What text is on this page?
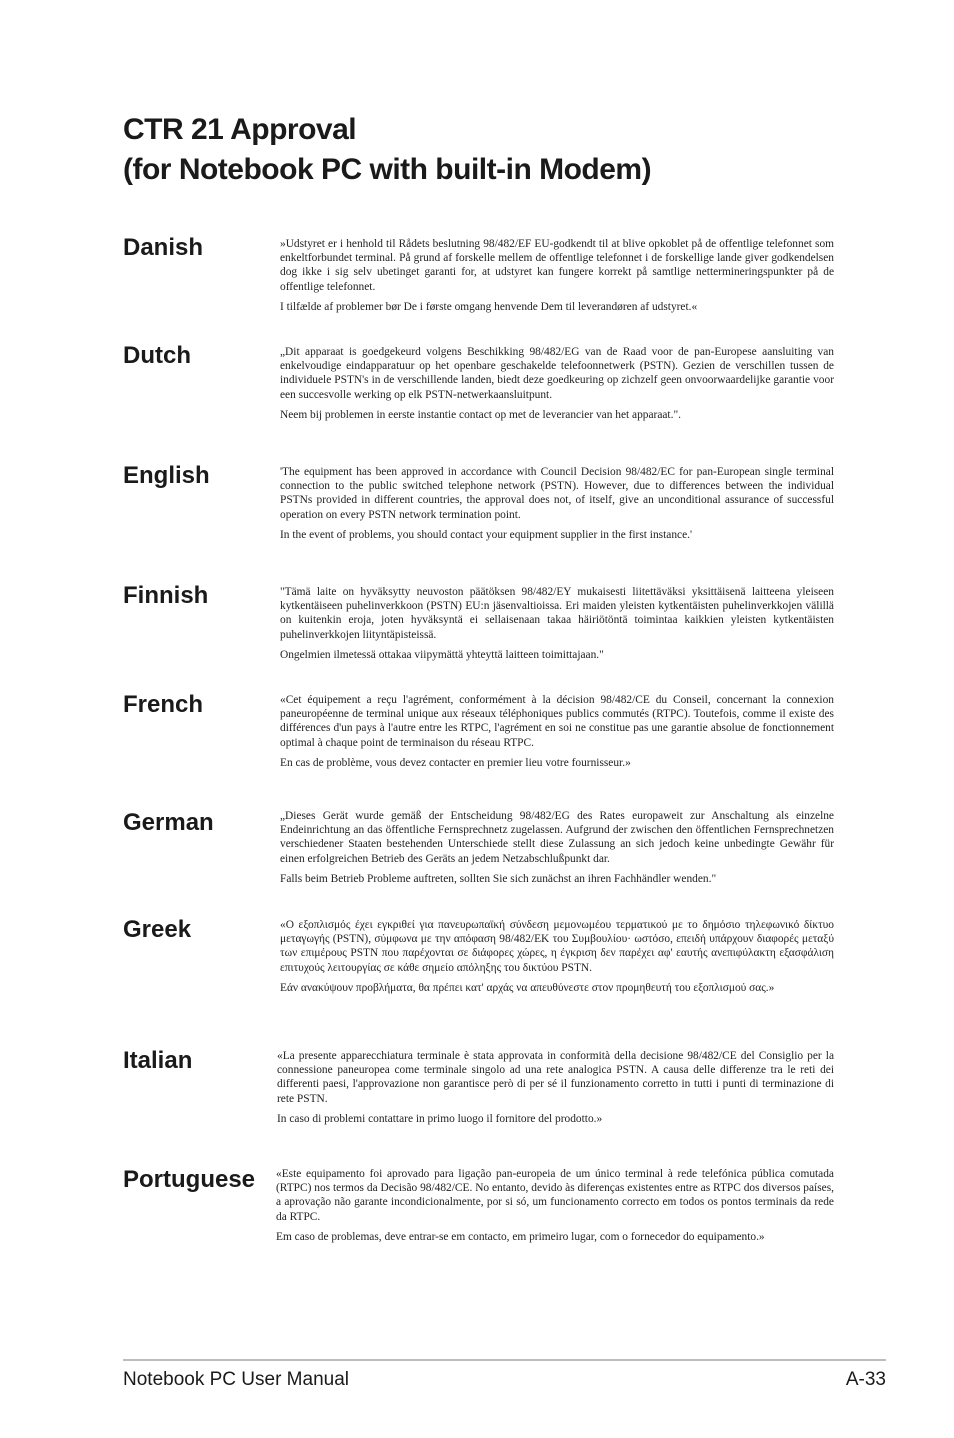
CTR 21 Approval
(for Notebook PC with built-in Modem)
Danish	»Udstyret er i henhold til Rådets beslutning 98/482/EF EU-godkendt til at blive opkoblet på de offentlige telefonnet som enkeltforbundet terminal. På grund af forskelle mellem de offentlige telefonnet i de forskellige lande giver godkendelsen dog ikke i sig selv ubetinget garanti for, at udstyret kan fungere korrekt på samtlige nettermineringspunkter på de offentlige telefonnet.

I tilfælde af problemer bør De i første omgang henvende Dem til leverandøren af udstyret.«

Dutch	„Dit apparaat is goedgekeurd volgens Beschikking 98/482/EG van de Raad voor de pan-Europese aansluiting van enkelvoudige eindapparatuur op het openbare geschakelde telefoonnetwerk (PSTN). Gezien de verschillen tussen de individuele PSTN's in de verschillende landen, biedt deze goedkeuring op zichzelf geen onvoorwaardelijke garantie voor een succesvolle werking op elk PSTN-netwerkaansluitpunt.

Neem bij problemen in eerste instantie contact op met de leverancier van het apparaat.".

English	'The equipment has been approved in accordance with Council Decision 98/482/EC for pan-European single terminal connection to the public switched telephone network (PSTN). However, due to differences between the individual PSTNs provided in different countries, the approval does not, of itself, give an unconditional assurance of successful operation on every PSTN network termination point.

In the event of problems, you should contact your equipment supplier in the first instance.'

Finnish	"Tämä laite on hyväksytty neuvoston päätöksen 98/482/EY mukaisesti liitettäväksi yksittäisenä laitteena yleiseen kytkentäiseen puhelinverkkoon (PSTN) EU:n jäsenvaltioissa. Eri maiden yleisten kytkentäisten puhelinverkkojen välillä on kuitenkin eroja, joten hyväksyntä ei sellaisenaan takaa häiriötöntä toimintaa kaikkien yleisten kytkentäisten puhelinverkkojen liityntäpisteissä.

Ongelmien ilmetessä ottakaa viipymättä yhteyttä laitteen toimittajaan."

French	«Cet équipement a reçu l'agrément, conformément à la décision 98/482/CE du Conseil, concernant la connexion paneuropéenne de terminal unique aux réseaux téléphoniques publics commutés (RTPC). Toutefois, comme il existe des différences d'un pays à l'autre entre les RTPC, l'agrément en soi ne constitue pas une garantie absolue de fonctionnement optimal à chaque point de terminaison du réseau RTPC.

En cas de problème, vous devez contacter en premier lieu votre fournisseur.»

German	„Dieses Gerät wurde gemäß der Entscheidung 98/482/EG des Rates europaweit zur Anschaltung als einzelne Endeinrichtung an das öffentliche Fernsprechnetz zugelassen. Aufgrund der zwischen den öffentlichen Fernsprechnetzen verschiedener Staaten bestehenden Unterschiede stellt diese Zulassung an sich jedoch keine unbedingte Gewähr für einen erfolgreichen Betrieb des Geräts an jedem Netzabschlußpunkt dar.

Falls beim Betrieb Probleme auftreten, sollten Sie sich zunächst an ihren Fachhändler wenden."

Greek	«Ο εξοπλισμός έχει εγκριθεί για πανευρωπαϊκή σύνδεση μεμονωμέου τερματικού με το δημόσιο τηλεφωνικό δίκτυο μεταγωγής (PSTN), σύμφωνα με την απόφαση 98/482/ΕΚ του Συμβουλίου· ωστόσο, επειδή υπάρχουν διαφορές μεταξύ των επιμέρους PSTN που παρέχονται σε διάφορες χώρες, η έγκριση δεν παρέχει αφ' εαυτής ανεπιφύλακτη εξασφάλιση επιτυχούς λειτουργίας σε κάθε σημείο απόληξης του δικτύου PSTN.

Εάν ανακύψουν προβλήματα, θα πρέπει κατ' αρχάς να απευθύνεστε στον προμηθευτή του εξοπλισμού σας.»

Italian	«La presente apparecchiatura terminale è stata approvata in conformità della decisione 98/482/CE del Consiglio per la connessione paneuropea come terminale singolo ad una rete analogica PSTN. A causa delle differenze tra le reti dei differenti paesi, l'approvazione non garantisce però di per sé il funzionamento corretto in tutti i punti di terminazione di rete PSTN.

In caso di problemi contattare in primo luogo il fornitore del prodotto.»

Portuguese «Este equipamento foi aprovado para ligação pan-europeia de um único terminal à rede telefónica pública comutada (RTPC) nos termos da Decisão 98/482/CE. No entanto, devido às diferenças existentes entre as RTPC dos diversos países, a aprovação não garante incondicionalmente, por si só, um funcionamento correcto em todos os pontos terminais da rede da RTPC.

Em caso de problemas, deve entrar-se em contacto, em primeiro lugar, com o fornecedor do equipamento.»

Notebook PC User Manual	A-33
